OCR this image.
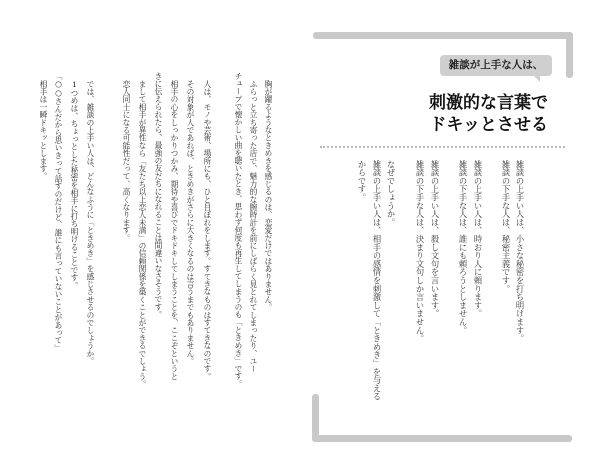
胸が躍るようなときめきを感じるのは、恋愛だけではありません。
ふらっと立ち寄った店で、魅力的な腕時計を前にしばらく見とれてしまったり、ユー
チューブで懐かしい曲を聴いたとき、思わず何度も再生してしまうのも「ときめき」です。
人は、モノや芸術、場所にも、ひと目ぼれをします。すてきなものはすてきなのです。
その対象が人であれば、ときめきがさらに大きくなるのは言うまでもありません。
相手の心をしっかりつかみ、期待や喜びでドキドキしてしまうことを、ここぞというと
きに伝えられたら、最強の友だちになれることは間違いなさそうです。
まして相手が異性なら「友たち以上恋人未満」の信頼関係を築くことができるでしょう。
恋人同士になる可能性だって、高くなります。
では、雑談の上手い人は、どんなふうに「ときめき」を感じさせるのでしょうか。
1つめは、ちょっとした秘密を相手に打ち明けることです。
「○○さんだから思いきって話すのだけど、誰にも言っていないことがあって」
相手は一瞬ドキッとします。
雑談が上手な人は、
刺激的な言葉で
ドキッとさせる
雑談の上手い人は、小さな秘密を打ち明けます。
雑談の下手な人は、秘密主義です。
雑談の上手い人は、時おり人に頼ります。
雑談の下手な人は、誰にも頼ろうとしません。
雑談の上手い人は、殺し文句を言います。
雑談の下手な人は、決まり文句しか言いません。
なぜでしょうか。
雑談の上手い人は、相手の感情を刺激して「ときめき」を与える
からです。
